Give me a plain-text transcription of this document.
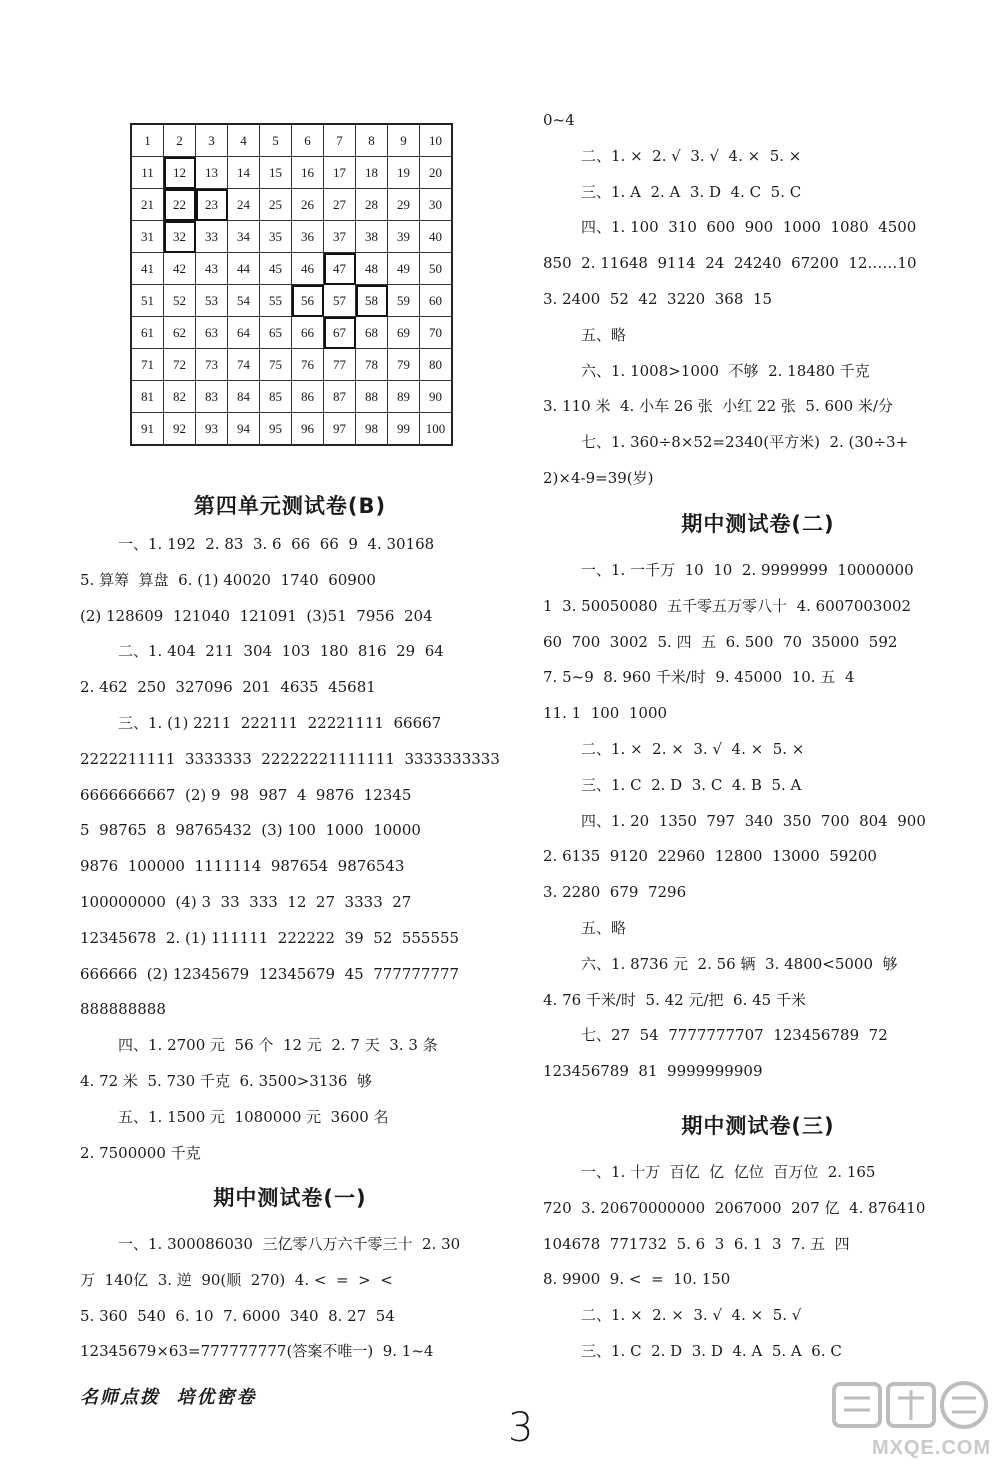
1	2	3	4	5	6	7	8	9	10
11	12	13	14	15	16	17	18	19	20
21	22	23	24	25	26	27	28	29	30
31	32	33	34	35	36	37	38	39	40
41	42	43	44	45	46	47	48	49	50
51	52	53	54	55	56	57	58	59	60
61	62	63	64	65	66	67	68	69	70
71	72	73	74	75	76	77	78	79	80
81	82	83	84	85	86	87	88	89	90
91	92	93	94	95	96	97	98	99	100
第四单元测试卷(B)
一、1. 192  2. 83  3. 6  66  66  9  4. 30168
5. 算筹  算盘  6. (1) 40020  1740  60900
(2) 128609  121040  121091  (3)51  7956  204
二、1. 404  211  304  103  180  816  29  64
2. 462  250  327096  201  4635  45681
三、1. (1) 2211  222111  22221111  66667
2222211111  3333333  22222221111111  3333333333
6666666667  (2) 9  98  987  4  9876  12345
5  98765  8  98765432  (3) 100  1000  10000
9876  100000  1111114  987654  9876543
100000000  (4) 3  33  333  12  27  3333  27
12345678  2. (1) 111111  222222  39  52  555555
666666  (2) 12345679  12345679  45  777777777
888888888
四、1. 2700 元  56 个  12 元  2. 7 天  3. 3 条
4. 72 米  5. 730 千克  6. 3500>3136  够
五、1. 1500 元  1080000 元  3600 名
2. 7500000 千克
期中测试卷(一)
一、1. 300086030  三亿零八万六千零三十  2. 30
万  140亿  3. 逆  90(顺  270)  4. <  =  >  <
5. 360  540  6. 10  7. 6000  340  8. 27  54
12345679×63=777777777(答案不唯一)  9. 1~4
0~4
二、1. ×  2. √  3. √  4. ×  5. ×
三、1. A  2. A  3. D  4. C  5. C
四、1. 100  310  600  900  1000  1080  4500
850  2. 11648  9114  24  24240  67200  12……10
3. 2400  52  42  3220  368  15
五、略
六、1. 1008>1000  不够  2. 18480 千克
3. 110 米  4. 小车 26 张  小红 22 张  5. 600 米/分
七、1. 360÷8×52=2340(平方米)  2. (30÷3+
2)×4-9=39(岁)
期中测试卷(二)
一、1. 一千万  10  10  2. 9999999  10000000
1  3. 50050080  五千零五万零八十  4. 6007003002
60  700  3002  5. 四  五  6. 500  70  35000  592
7. 5~9  8. 960 千米/时  9. 45000  10. 五  4
11. 1  100  1000
二、1. ×  2. ×  3. √  4. ×  5. ×
三、1. C  2. D  3. C  4. B  5. A
四、1. 20  1350  797  340  350  700  804  900
2. 6135  9120  22960  12800  13000  59200
3. 2280  679  7296
五、略
六、1. 8736 元  2. 56 辆  3. 4800<5000  够
4. 76 千米/时  5. 42 元/把  6. 45 千米
七、27  54  7777777707  123456789  72
123456789  81  9999999909
期中测试卷(三)
一、1. 十万  百亿  亿  亿位  百万位  2. 165
720  3. 20670000000  2067000  207 亿  4. 876410
104678  771732  5. 6  3  6. 1  3  7. 五  四
8. 9900  9. <  =  10. 150
二、1. ×  2. ×  3. √  4. ×  5. √
三、1. C  2. D  3. D  4. A  5. A  6. C
名师点拨  培优密卷
3	MXQE.COM
